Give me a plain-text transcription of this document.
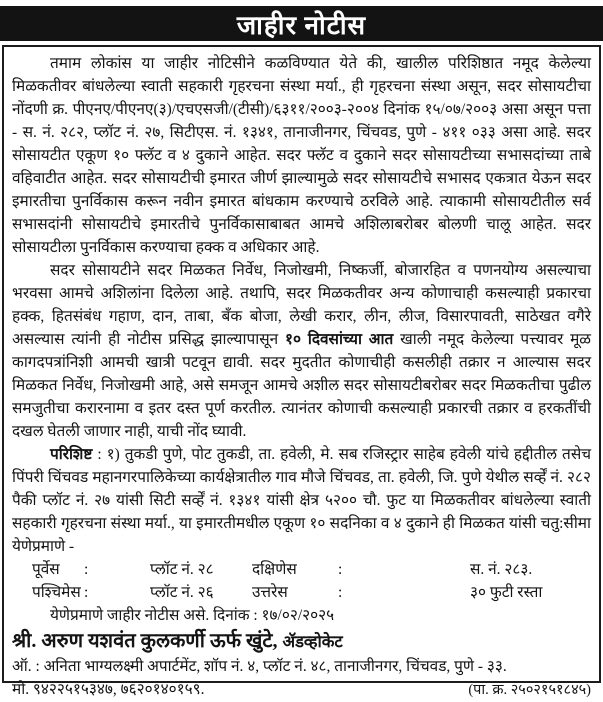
जाहीर नोटीस

तमाम लोकांस या जाहीर नोटिसीने कळविण्यात येते की, खालील परिशिष्ठात नमूद केलेल्या मिळकतीवर बांधलेल्या स्वाती सहकारी गृहरचना संस्था मर्या., ही गृहरचना संस्था असून, सदर सोसायटीचा नोंदणी क्र. पीएनए/पीएनए(३)/एचएसजी/(टीसी)/६३११/२००३-२००४ दिनांक १५/०७/२००३ असा असून पत्ता - स. नं. २८२, प्लॉट नं. २७, सिटीएस. नं. १३४१, तानाजीनगर, चिंचवड, पुणे - ४११ ०३३ असा आहे. सदर सोसायटीत एकूण १० फ्लॅट व ४ दुकाने आहेत. सदर फ्लॅट व दुकाने सदर सोसायटीच्या सभासदांच्या ताबे वहिवाटीत आहेत. सदर सोसायटीची इमारत जीर्ण झाल्यामुळे सदर सोसायटीचे सभासद एकत्रात येऊन सदर इमारतीचा पुनर्विकास करून नवीन इमारत बांधकाम करण्याचे ठरविले आहे. त्याकामी सोसायटीतील सर्व सभासदांनी सोसायटीचे इमारतीचे पुनर्विकासाबाबत आमचे अशिलाबरोबर बोलणी चालू आहेत. सदर सोसायटीला पुनर्विकास करण्याचा हक्क व अधिकार आहे.

सदर सोसायटीने सदर मिळकत निर्वेध, निजोखमी, निष्कर्जी, बोजारहित व पणनयोग्य असल्याचा भरवसा आमचे अशिलांना दिलेला आहे. तथापि, सदर मिळकतीवर अन्य कोणाचाही कसल्याही प्रकारचा हक्क, हितसंबंध गहाण, दान, ताबा, बँक बोजा, लेखी करार, लीन, लीज, विसारपावती, साठेखत वगैरे असल्यास त्यांनी ही नोटीस प्रसिद्ध झाल्यापासून १० दिवसांच्या आत खाली नमूद केलेल्या पत्त्यावर मूळ कागदपत्रांनिशी आमची खात्री पटवून द्यावी. सदर मुदतीत कोणाचीही कसलीही तक्रार न आल्यास सदर मिळकत निर्वेध, निजोखमी आहे, असे समजून आमचे अशील सदर सोसायटीबरोबर सदर मिळकतीचा पुढील समजुतीचा करारनामा व इतर दस्त पूर्ण करतील. त्यानंतर कोणाची कसल्याही प्रकारची तक्रार व हरकतींची दखल घेतली जाणार नाही, याची नोंद घ्यावी.

परिशिष्ट : १) तुकडी पुणे, पोट तुकडी, ता. हवेली, मे. सब रजिस्ट्रार साहेब हवेली यांचे हद्दीतील तसेच पिंपरी चिंचवड महानगरपालिकेच्या कार्यक्षेत्रातील गाव मौजे चिंचवड, ता. हवेली, जि. पुणे येथील सर्व्हें नं. २८२ पैकी प्लॉट नं. २७ यांसी सिटी सर्व्हें नं. १३४१ यांसी क्षेत्र ५२०० चौ. फुट या मिळकतीवर बांधलेल्या स्वाती सहकारी गृहरचना संस्था मर्या., या इमारतीमधील एकूण १० सदनिका व ४ दुकाने ही मिळकत यांसी चतु:सीमा येणेप्रमाणे -

पूर्वेस	:	प्लॉट नं. २८	दक्षिणेस	:	स. नं. २८३.
पश्चिमेस :	प्लॉट नं. २६	उत्तरेस	:	३० फुटी रस्ता
येणेप्रमाणे जाहीर नोटीस असे. दिनांक : १७/०२/२०२५
श्री. अरुण यशवंत कुलकर्णी ऊर्फ खुंटे, ॲडव्होकेट
ऑ. : अनिता भाग्यलक्ष्मी अपार्टमेंट, शॉप नं. ४, प्लॉट नं. ४८, तानाजीनगर, चिंचवड, पुणे - ३३.
मो. ९४२२५१५३४७, ७६२०१४०१५९.	(पा. क्र. २५०२१५१८४५)
